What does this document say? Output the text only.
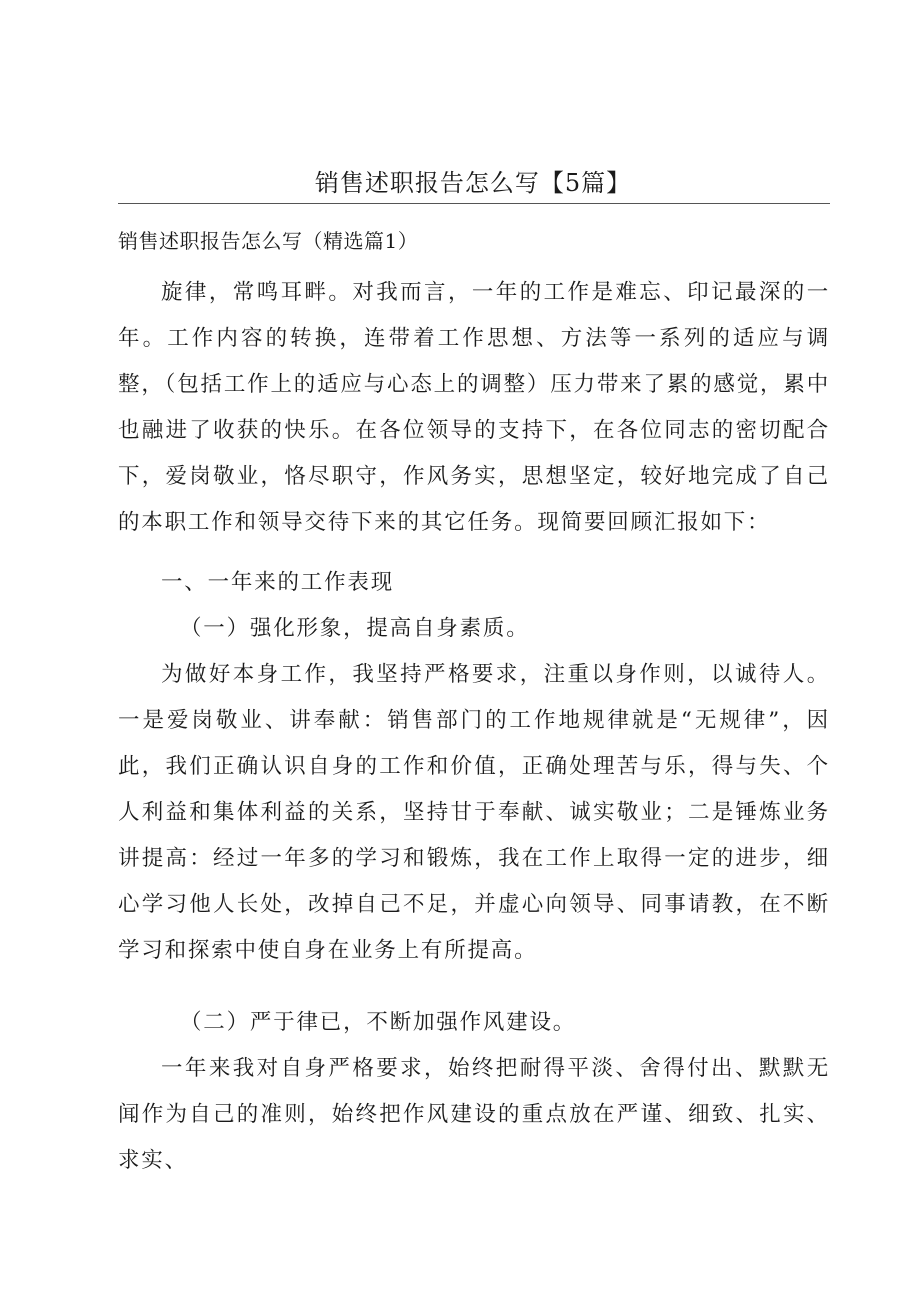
销售述职报告怎么写【5篇】

销售述职报告怎么写（精选篇1）

旋律，常鸣耳畔。对我而言，一年的工作是难忘、印记最深的一年。工作内容的转换，连带着工作思想、方法等一系列的适应与调整，（包括工作上的适应与心态上的调整）压力带来了累的感觉，累中也融进了收获的快乐。在各位领导的支持下，在各位同志的密切配合下，爱岗敬业，恪尽职守，作风务实，思想坚定，较好地完成了自己的本职工作和领导交待下来的其它任务。现简要回顾汇报如下：

一、一年来的工作表现

（一）强化形象，提高自身素质。

为做好本身工作，我坚持严格要求，注重以身作则，以诚待人。一是爱岗敬业、讲奉献：销售部门的工作地规律就是“无规律”，因此，我们正确认识自身的工作和价值，正确处理苦与乐，得与失、个人利益和集体利益的关系，坚持甘于奉献、诚实敬业；二是锤炼业务讲提高：经过一年多的学习和锻炼，我在工作上取得一定的进步，细心学习他人长处，改掉自己不足，并虚心向领导、同事请教，在不断学习和探索中使自身在业务上有所提高。

（二）严于律已，不断加强作风建设。

一年来我对自身严格要求，始终把耐得平淡、舍得付出、默默无闻作为自己的准则，始终把作风建设的重点放在严谨、细致、扎实、求实、
